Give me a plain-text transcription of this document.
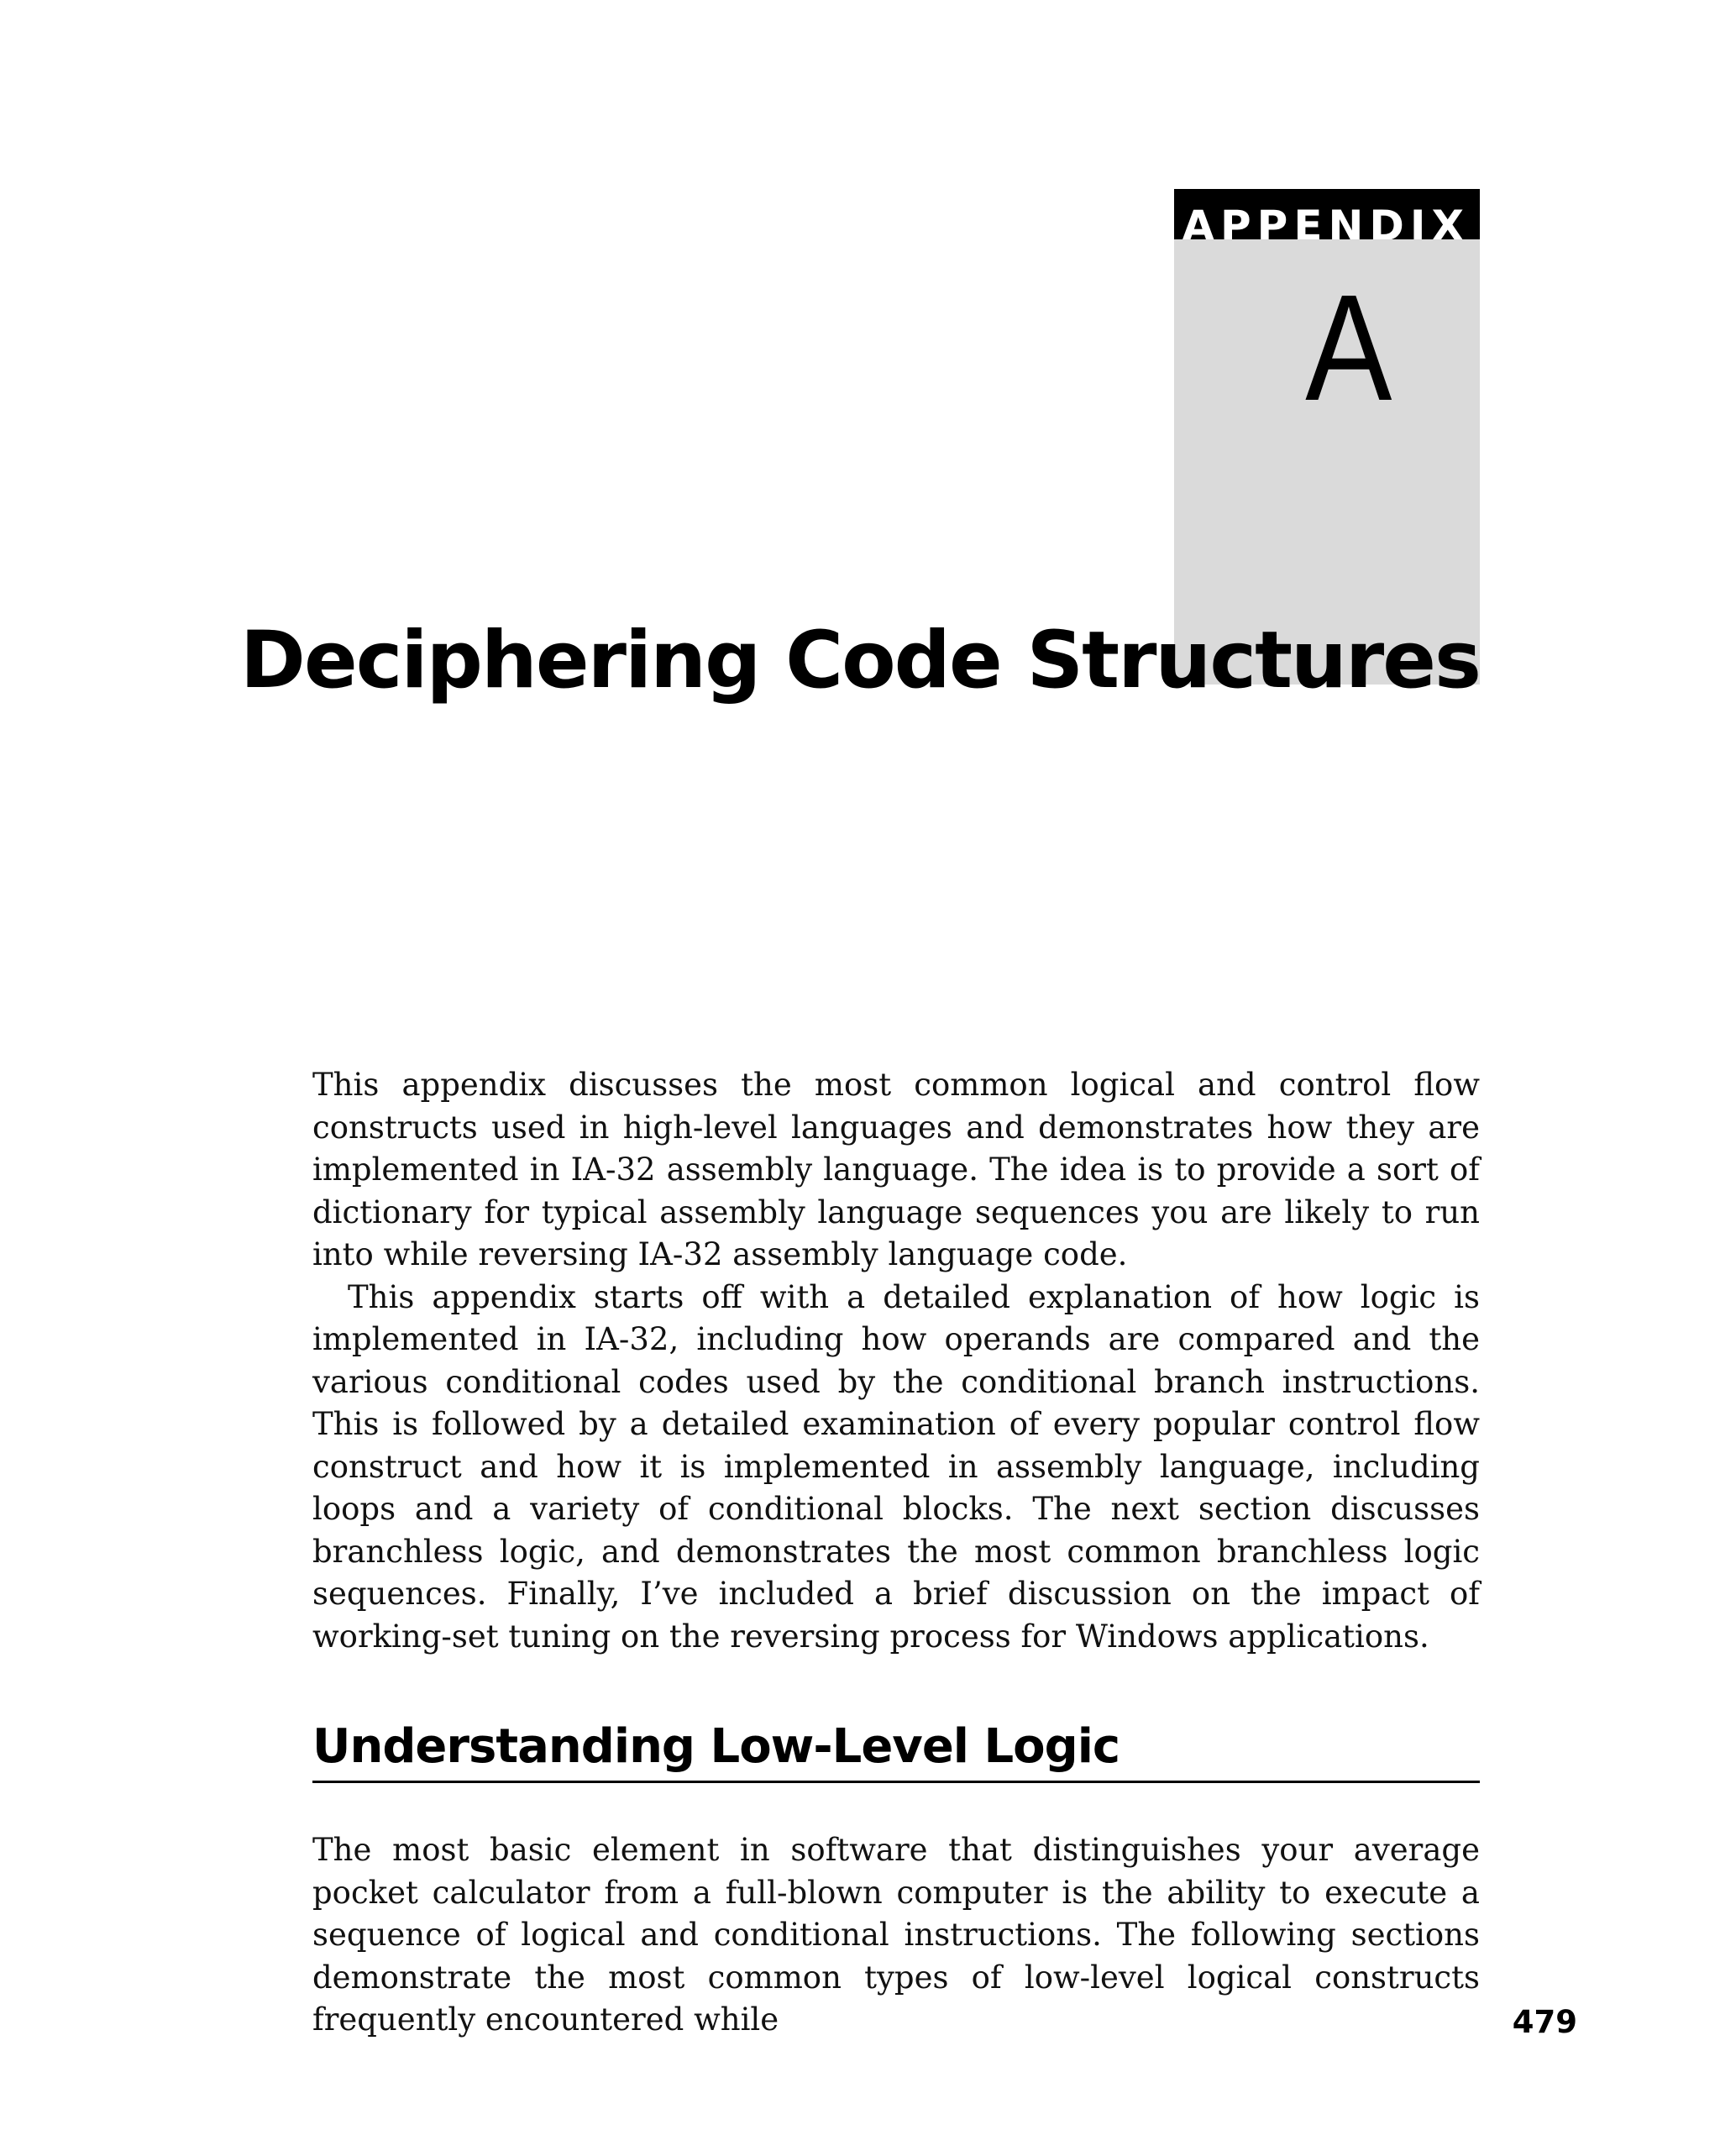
APPENDIX
A
Deciphering Code Structures

This appendix discusses the most common logical and control flow constructs used in high-level languages and demonstrates how they are implemented in IA-32 assembly language. The idea is to provide a sort of dictionary for typical assembly language sequences you are likely to run into while reversing IA-32 assembly language code.

This appendix starts off with a detailed explanation of how logic is implemented in IA-32, including how operands are compared and the various conditional codes used by the conditional branch instructions. This is followed by a detailed examination of every popular control flow construct and how it is implemented in assembly language, including loops and a variety of conditional blocks. The next section discusses branchless logic, and demonstrates the most common branchless logic sequences. Finally, I’ve included a brief discussion on the impact of working-set tuning on the reversing process for Windows applications.

Understanding Low-Level Logic

The most basic element in software that distinguishes your average pocket calculator from a full-blown computer is the ability to execute a sequence of logical and conditional instructions. The following sections demonstrate the most common types of low-level logical constructs frequently encountered while	479
